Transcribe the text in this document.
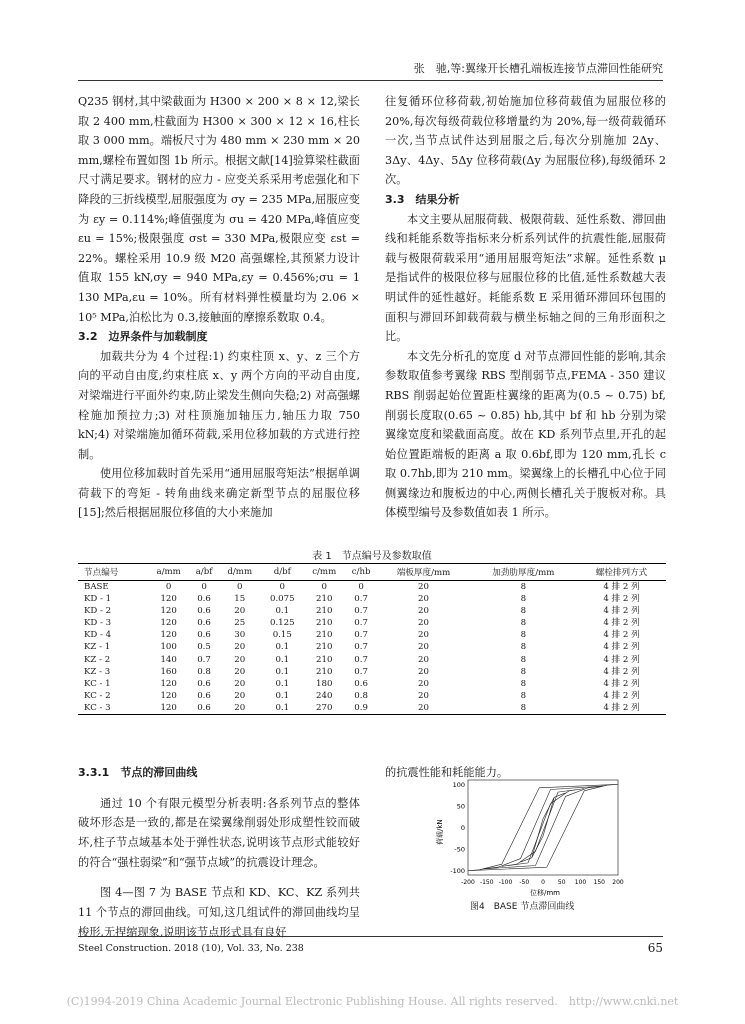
张　驰,等:翼缘开长槽孔端板连接节点滞回性能研究

Q235 钢材,其中梁截面为 H300 × 200 × 8 × 12,梁长取 2 400 mm,柱截面为 H300 × 300 × 12 × 16,柱长取 3 000 mm。端板尺寸为 480 mm × 230 mm × 20 mm,螺栓布置如图 1b 所示。根据文献[14]验算梁柱截面尺寸满足要求。钢材的应力 - 应变关系采用考虑强化和下降段的三折线模型,屈服强度为 σy = 235 MPa,屈服应变为 εy = 0.114%;峰值强度为 σu = 420 MPa,峰值应变 εu = 15%;极限强度 σst = 330 MPa,极限应变 εst = 22%。螺栓采用 10.9 级 M20 高强螺栓,其预紧力设计值取 155 kN,σy = 940 MPa,εy = 0.456%;σu = 1 130 MPa,εu = 10%。所有材料弹性模量均为 2.06 × 10⁵ MPa,泊松比为 0.3,接触面的摩擦系数取 0.4。

3.2　边界条件与加载制度

加载共分为 4 个过程:1) 约束柱顶 x、y、z 三个方向的平动自由度,约束柱底 x、y 两个方向的平动自由度,对梁端进行平面外约束,防止梁发生侧向失稳;2) 对高强螺栓施加预拉力;3) 对柱顶施加轴压力,轴压力取 750 kN;4) 对梁端施加循环荷载,采用位移加载的方式进行控制。

使用位移加载时首先采用“通用屈服弯矩法”根据单调荷载下的弯矩 - 转角曲线来确定新型节点的屈服位移[15];然后根据屈服位移值的大小来施加

往复循环位移荷载,初始施加位移荷载值为屈服位移的 20%,每次每级荷载位移增量约为 20%,每一级荷载循环一次,当节点试件达到屈服之后,每次分别施加 2Δy、3Δy、4Δy、5Δy 位移荷载(Δy 为屈服位移),每级循环 2 次。

3.3　结果分析

本文主要从屈服荷载、极限荷载、延性系数、滞回曲线和耗能系数等指标来分析系列试件的抗震性能,屈服荷载与极限荷载采用“通用屈服弯矩法”求解。延性系数 μ 是指试件的极限位移与屈服位移的比值,延性系数越大表明试件的延性越好。耗能系数 E 采用循环滞回环包围的面积与滞回环卸载荷载与横坐标轴之间的三角形面积之比。

本文先分析孔的宽度 d 对节点滞回性能的影响,其余参数取值参考翼缘 RBS 型削弱节点,FEMA - 350 建议 RBS 削弱起始位置距柱翼缘的距离为(0.5 ~ 0.75) bf,削弱长度取(0.65 ~ 0.85) hb,其中 bf 和 hb 分别为梁翼缘宽度和梁截面高度。故在 KD 系列节点里,开孔的起始位置距端板的距离 a 取 0.6bf,即为 120 mm,孔长 c 取 0.7hb,即为 210 mm。梁翼缘上的长槽孔中心位于同侧翼缘边和腹板边的中心,两侧长槽孔关于腹板对称。具体模型编号及参数值如表 1 所示。

表 1　节点编号及参数取值
节点编号	a/mm	a/bf	d/mm	d/bf	c/mm	c/hb	端板厚度/mm	加劲肋厚度/mm	螺栓排列方式
BASE	0	0	0	0	0	0	20	8	4 排 2 列
KD - 1	120	0.6	15	0.075	210	0.7	20	8	4 排 2 列
KD - 2	120	0.6	20	0.1	210	0.7	20	8	4 排 2 列
KD - 3	120	0.6	25	0.125	210	0.7	20	8	4 排 2 列
KD - 4	120	0.6	30	0.15	210	0.7	20	8	4 排 2 列
KZ - 1	100	0.5	20	0.1	210	0.7	20	8	4 排 2 列
KZ - 2	140	0.7	20	0.1	210	0.7	20	8	4 排 2 列
KZ - 3	160	0.8	20	0.1	210	0.7	20	8	4 排 2 列
KC - 1	120	0.6	20	0.1	180	0.6	20	8	4 排 2 列
KC - 2	120	0.6	20	0.1	240	0.8	20	8	4 排 2 列
KC - 3	120	0.6	20	0.1	270	0.9	20	8	4 排 2 列

3.3.1　节点的滞回曲线

通过 10 个有限元模型分析表明:各系列节点的整体破坏形态是一致的,都是在梁翼缘削弱处形成塑性铰而破坏,柱子节点域基本处于弹性状态,说明该节点形式能较好的符合“强柱弱梁”和“强节点域”的抗震设计理念。

图 4—图 7 为 BASE 节点和 KD、KC、KZ 系列共 11 个节点的滞回曲线。可知,这几组试件的滞回曲线均呈梭形,无捏缩现象,说明该节点形式具有良好

的抗震性能和耗能能力。

荷载/kN
位移/mm
100
50
0
-50
-100
-200 -150 -100 -50 0 50 100 150 200
图4　BASE 节点滞回曲线
Steel Construction. 2018 (10), Vol. 33, No. 238	65
(C)1994-2019 China Academic Journal Electronic Publishing House. All rights reserved.　http://www.cnki.net
